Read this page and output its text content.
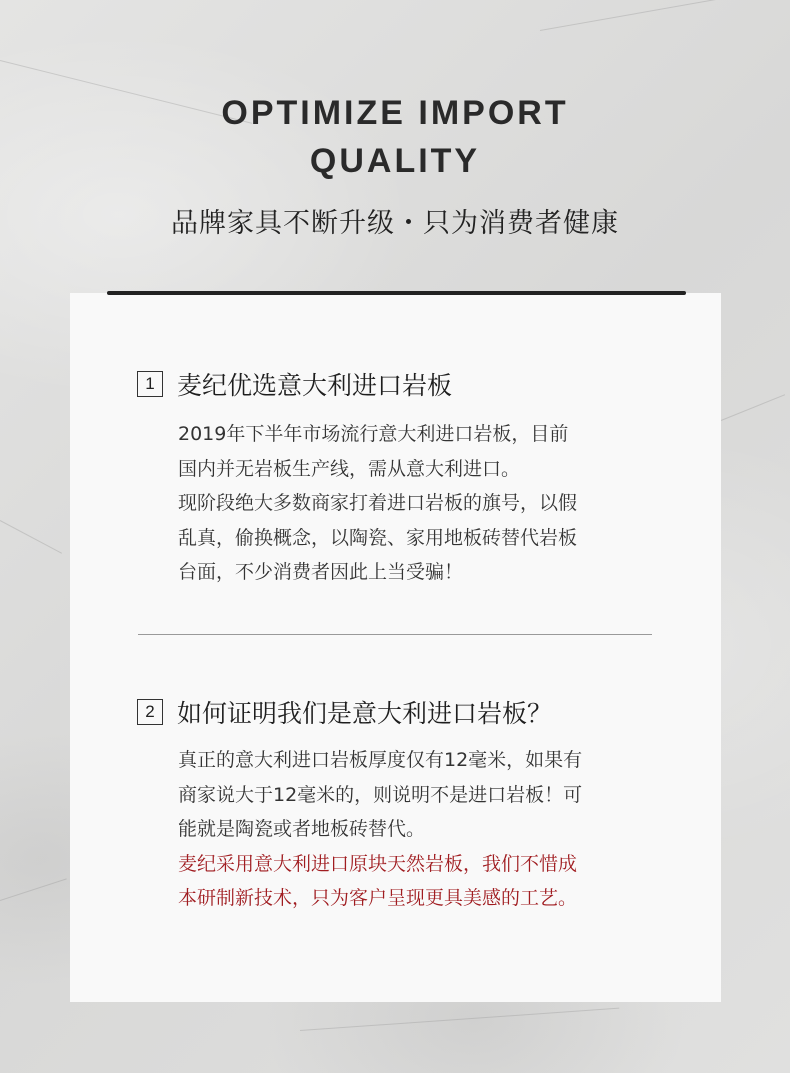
OPTIMIZE IMPORT
QUALITY
品牌家具不断升级・只为消费者健康
1 麦纪优选意大利进口岩板
2019年下半年市场流行意大利进口岩板，目前
国内并无岩板生产线，需从意大利进口。
现阶段绝大多数商家打着进口岩板的旗号，以假
乱真，偷换概念，以陶瓷、家用地板砖替代岩板
台面，不少消费者因此上当受骗！
2 如何证明我们是意大利进口岩板？
真正的意大利进口岩板厚度仅有12毫米，如果有
商家说大于12毫米的，则说明不是进口岩板！可
能就是陶瓷或者地板砖替代。
麦纪采用意大利进口原块天然岩板，我们不惜成
本研制新技术，只为客户呈现更具美感的工艺。
